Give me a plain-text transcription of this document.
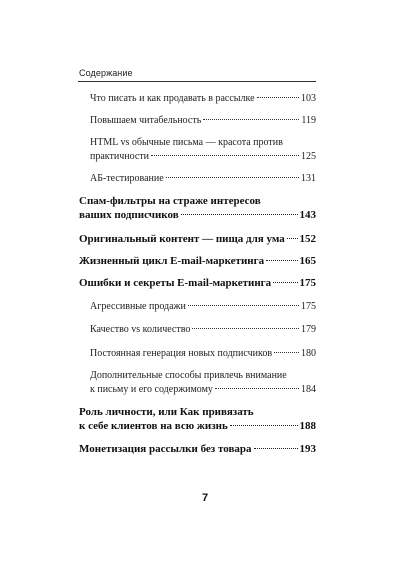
Содержание
Что писать и как продавать в рассылке	103
Повышаем читабельность	119
HTML vs обычные письма — красота против
практичности	125
АБ-тестирование	131
Спам-фильтры на страже интересов
ваших подписчиков	143
Оригинальный контент — пища для ума 152
Жизненный цикл E-mail-маркетинга	165
Ошибки и секреты E-mail-маркетинга	175
Агрессивные продажи	175
Качество vs количество	179
Постоянная генерация новых подписчиков	180
Дополнительные способы привлечь внимание
к письму и его содержимому	184
Роль личности, или Как привязать
к себе клиентов на всю жизнь	188
Монетизация рассылки без товара	193
7
